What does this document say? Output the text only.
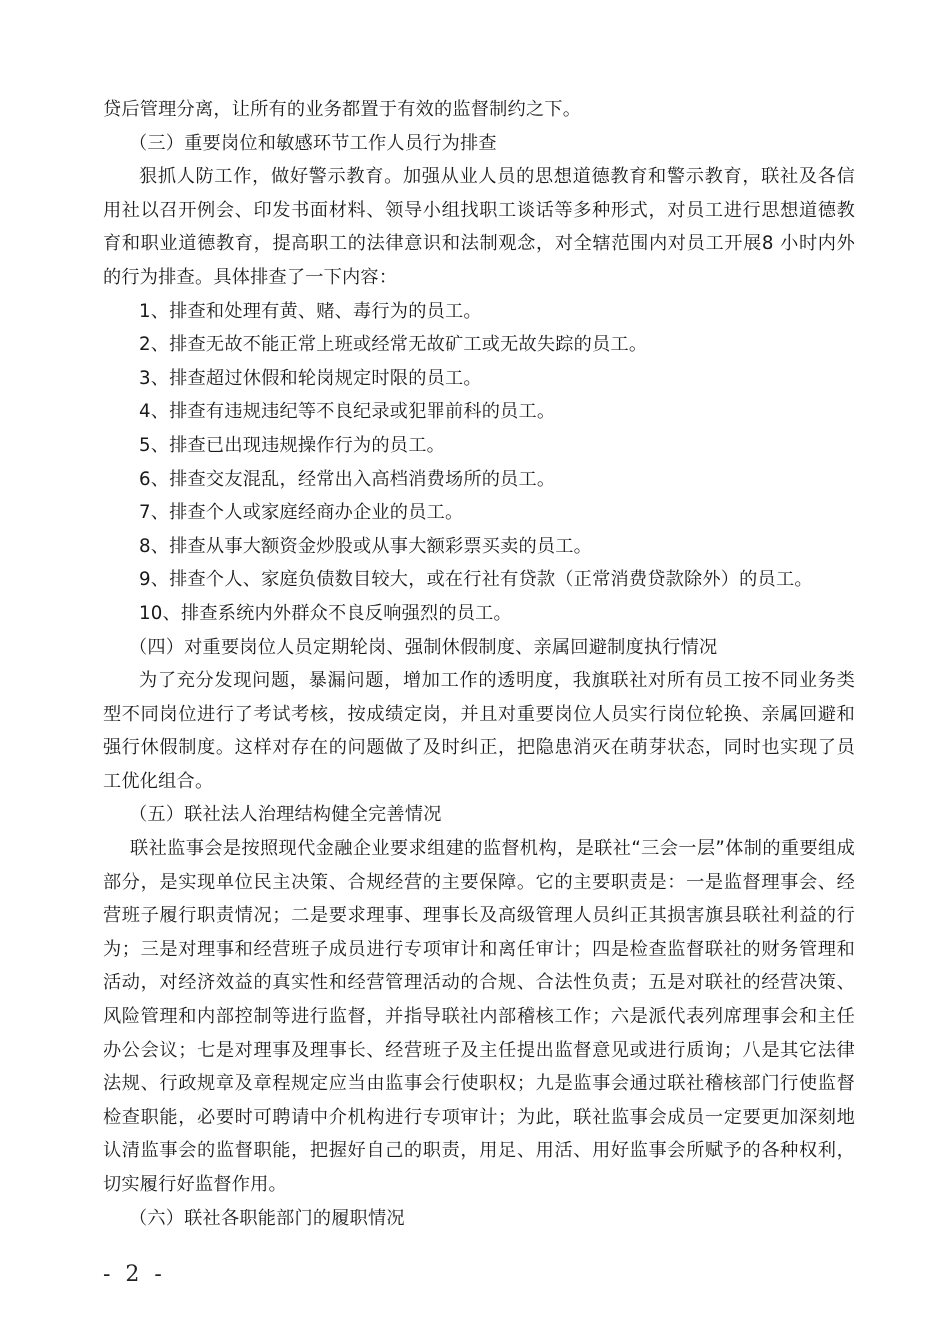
贷后管理分离，让所有的业务都置于有效的监督制约之下。

（三）重要岗位和敏感环节工作人员行为排查

狠抓人防工作，做好警示教育。加强从业人员的思想道德教育和警示教育，联社及各信用社以召开例会、印发书面材料、领导小组找职工谈话等多种形式，对员工进行思想道德教育和职业道德教育，提高职工的法律意识和法制观念，对全辖范围内对员工开展8 小时内外的行为排查。具体排查了一下内容：

1、排查和处理有黄、赌、毒行为的员工。

2、排查无故不能正常上班或经常无故矿工或无故失踪的员工。

3、排查超过休假和轮岗规定时限的员工。

4、排查有违规违纪等不良纪录或犯罪前科的员工。

5、排查已出现违规操作行为的员工。

6、排查交友混乱，经常出入高档消费场所的员工。

7、排查个人或家庭经商办企业的员工。

8、排查从事大额资金炒股或从事大额彩票买卖的员工。

9、排查个人、家庭负债数目较大，或在行社有贷款（正常消费贷款除外）的员工。

10、排查系统内外群众不良反响强烈的员工。

（四）对重要岗位人员定期轮岗、强制休假制度、亲属回避制度执行情况

为了充分发现问题，暴漏问题，增加工作的透明度，我旗联社对所有员工按不同业务类型不同岗位进行了考试考核，按成绩定岗，并且对重要岗位人员实行岗位轮换、亲属回避和强行休假制度。这样对存在的问题做了及时纠正，把隐患消灭在萌芽状态，同时也实现了员工优化组合。

（五）联社法人治理结构健全完善情况

联社监事会是按照现代金融企业要求组建的监督机构，是联社“三会一层”体制的重要组成部分，是实现单位民主决策、合规经营的主要保障。它的主要职责是：一是监督理事会、经营班子履行职责情况；二是要求理事、理事长及高级管理人员纠正其损害旗县联社利益的行为；三是对理事和经营班子成员进行专项审计和离任审计；四是检查监督联社的财务管理和活动，对经济效益的真实性和经营管理活动的合规、合法性负责；五是对联社的经营决策、风险管理和内部控制等进行监督，并指导联社内部稽核工作；六是派代表列席理事会和主任办公会议；七是对理事及理事长、经营班子及主任提出监督意见或进行质询；八是其它法律法规、行政规章及章程规定应当由监事会行使职权；九是监事会通过联社稽核部门行使监督检查职能，必要时可聘请中介机构进行专项审计；为此，联社监事会成员一定要更加深刻地认清监事会的监督职能，把握好自己的职责，用足、用活、用好监事会所赋予的各种权利，切实履行好监督作用。

（六）联社各职能部门的履职情况

- 2 -
